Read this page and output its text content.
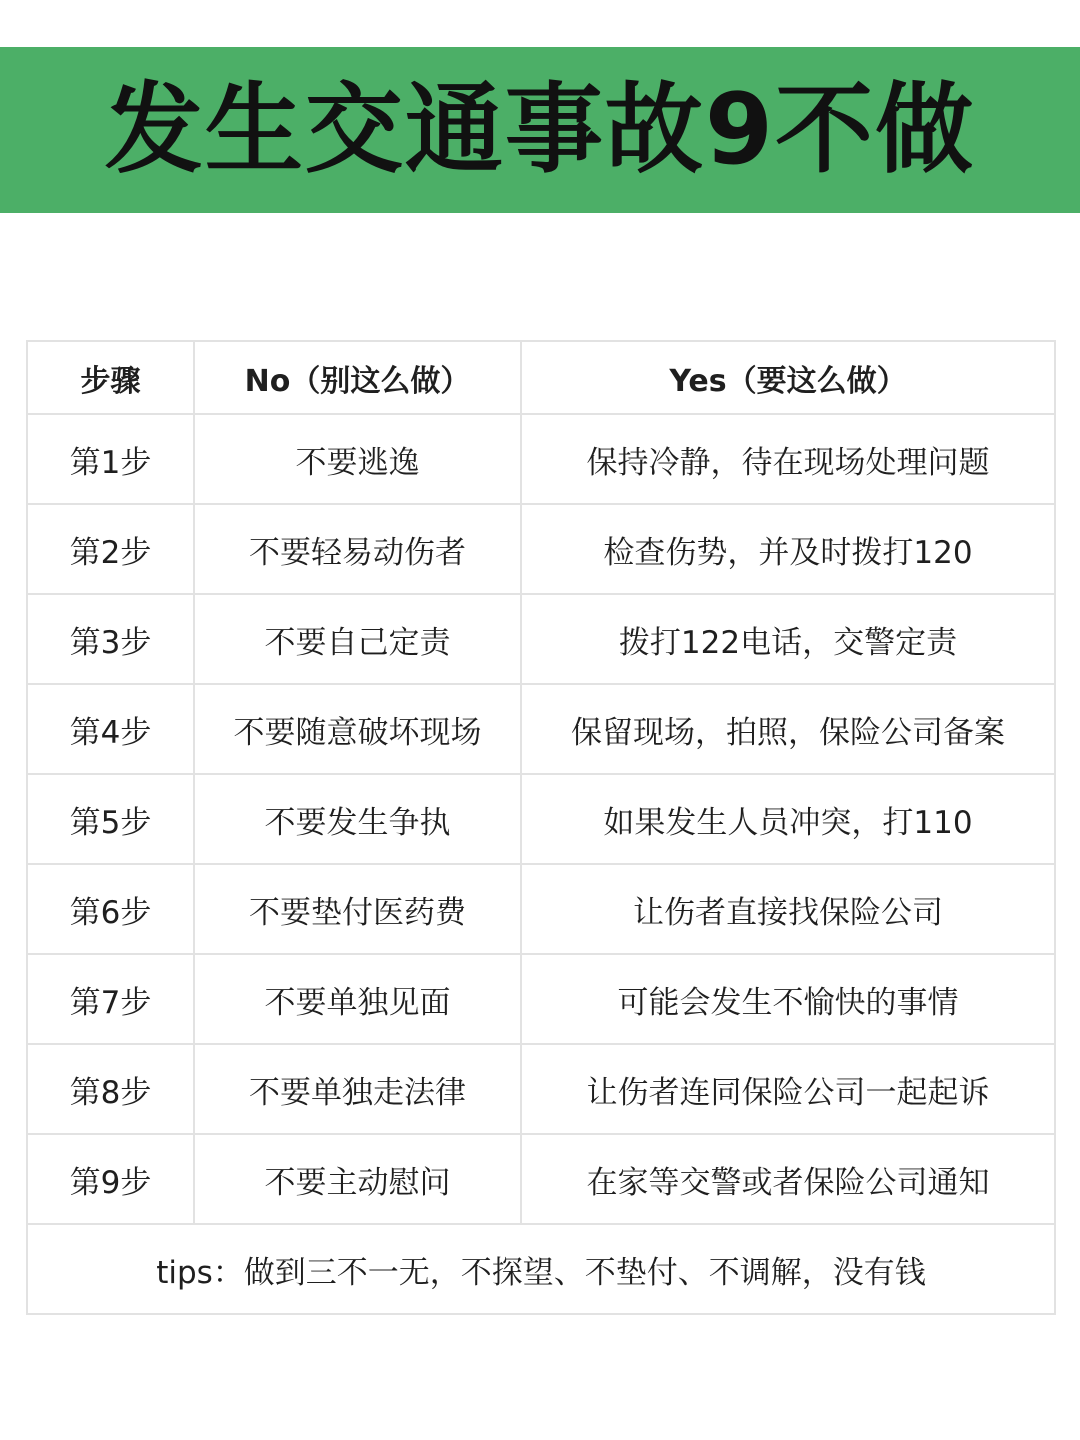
发生交通事故9不做
步骤	No（别这么做）	Yes（要这么做）
第1步	不要逃逸	保持冷静，待在现场处理问题
第2步	不要轻易动伤者	检查伤势，并及时拨打120
第3步	不要自己定责	拨打122电话，交警定责
第4步	不要随意破坏现场	保留现场，拍照，保险公司备案
第5步	不要发生争执	如果发生人员冲突，打110
第6步	不要垫付医药费	让伤者直接找保险公司
第7步	不要单独见面	可能会发生不愉快的事情
第8步	不要单独走法律	让伤者连同保险公司一起起诉
第9步	不要主动慰问	在家等交警或者保险公司通知
tips：做到三不一无，不探望、不垫付、不调解，没有钱		
